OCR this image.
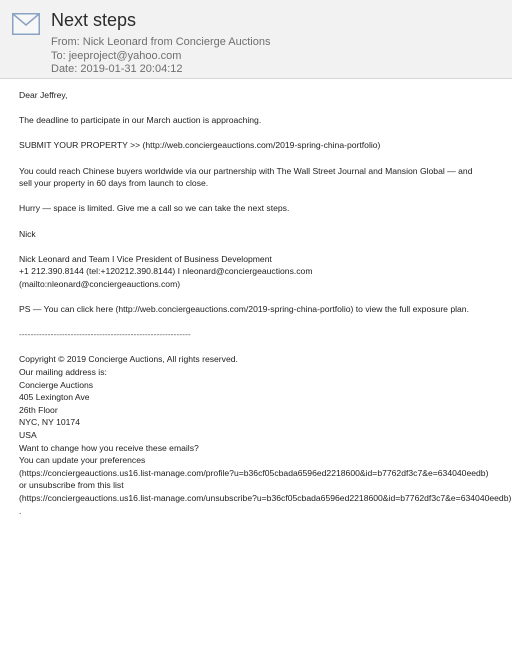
Next steps
From: Nick Leonard from Concierge Auctions
To: jeeproject@yahoo.com
Date: 2019-01-31 20:04:12

Dear Jeffrey,

The deadline to participate in our March auction is approaching.

SUBMIT YOUR PROPERTY >> (http://web.conciergeauctions.com/2019-spring-china-portfolio)

You could reach Chinese buyers worldwide via our partnership with The Wall Street Journal and Mansion Global — and

sell your property in 60 days from launch to close.

Hurry — space is limited. Give me a call so we can take the next steps.

Nick

Nick Leonard and Team I Vice President of Business Development

+1 212.390.8144 (tel:+120212.390.8144) I nleonard@conciergeauctions.com

(mailto:nleonard@conciergeauctions.com)

PS — You can click here (http://web.conciergeauctions.com/2019-spring-china-portfolio) to view the full exposure plan.

------------------------------------------------------------

Copyright © 2019 Concierge Auctions, All rights reserved.

Our mailing address is:

Concierge Auctions

405 Lexington Ave

26th Floor

NYC, NY 10174

USA

Want to change how you receive these emails?

You can update your preferences

(https://conciergeauctions.us16.list-manage.com/profile?u=b36cf05cbada6596ed2218600&id=b7762df3c7&e=634040eedb)

or unsubscribe from this list

(https://conciergeauctions.us16.list-manage.com/unsubscribe?u=b36cf05cbada6596ed2218600&id=b7762df3c7&e=634040eedb)

.
